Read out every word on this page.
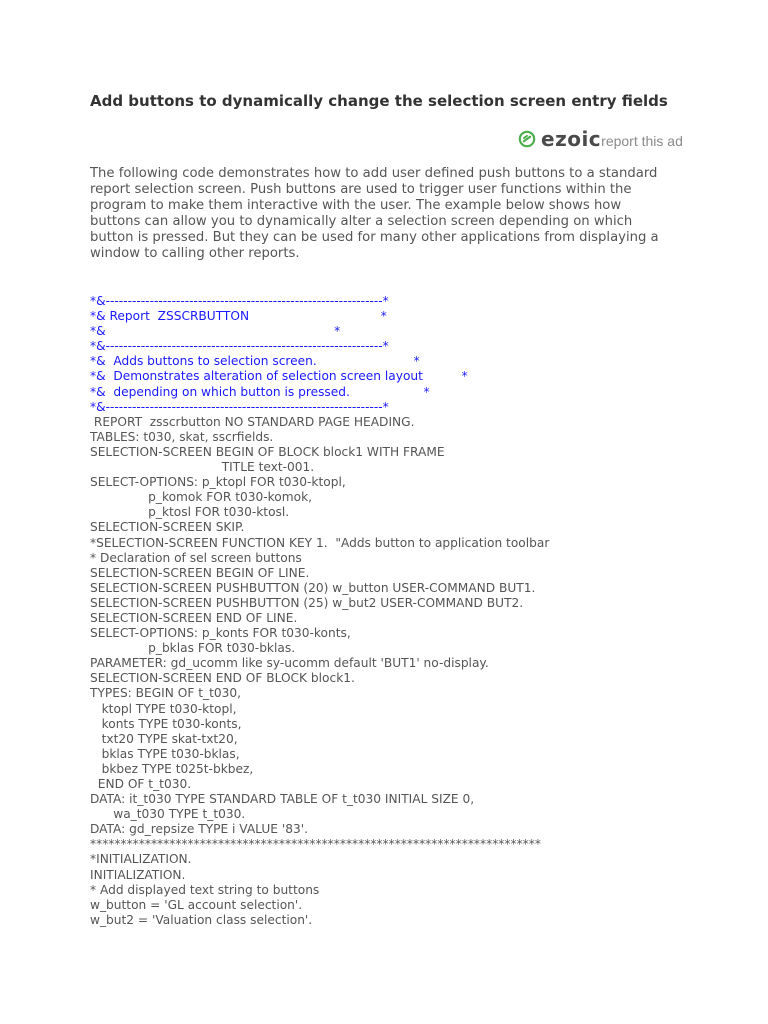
Add buttons to dynamically change the selection screen entry fields
ezoic report this ad
The following code demonstrates how to add user defined push buttons to a standard
report selection screen. Push buttons are used to trigger user functions within the
program to make them interactive with the user. The example below shows how
buttons can allow you to dynamically alter a selection screen depending on which
button is pressed. But they can be used for many other applications from displaying a
window to calling other reports.
*&---------------------------------------------------------------*
*& Report  ZSSCRBUTTON                                  *
*&                                                           *
*&---------------------------------------------------------------*
*&  Adds buttons to selection screen.                         *
*&  Demonstrates alteration of selection screen layout          *
*&  depending on which button is pressed.                   *
*&---------------------------------------------------------------*
REPORT  zsscrbutton NO STANDARD PAGE HEADING.
TABLES: t030, skat, sscrfields.
SELECTION-SCREEN BEGIN OF BLOCK block1 WITH FRAME
TITLE text-001.
SELECT-OPTIONS: p_ktopl FOR t030-ktopl,
p_komok FOR t030-komok,
p_ktosl FOR t030-ktosl.
SELECTION-SCREEN SKIP.
*SELECTION-SCREEN FUNCTION KEY 1.  "Adds button to application toolbar
* Declaration of sel screen buttons
SELECTION-SCREEN BEGIN OF LINE.
SELECTION-SCREEN PUSHBUTTON (20) w_button USER-COMMAND BUT1.
SELECTION-SCREEN PUSHBUTTON (25) w_but2 USER-COMMAND BUT2.
SELECTION-SCREEN END OF LINE.
SELECT-OPTIONS: p_konts FOR t030-konts,
p_bklas FOR t030-bklas.
PARAMETER: gd_ucomm like sy-ucomm default 'BUT1' no-display.
SELECTION-SCREEN END OF BLOCK block1.
TYPES: BEGIN OF t_t030,
ktopl TYPE t030-ktopl,
konts TYPE t030-konts,
txt20 TYPE skat-txt20,
bklas TYPE t030-bklas,
bkbez TYPE t025t-bkbez,
END OF t_t030.
DATA: it_t030 TYPE STANDARD TABLE OF t_t030 INITIAL SIZE 0,
wa_t030 TYPE t_t030.
DATA: gd_repsize TYPE i VALUE '83'.
**************************************************************************
*INITIALIZATION.
INITIALIZATION.
* Add displayed text string to buttons
w_button = 'GL account selection'.
w_but2 = 'Valuation class selection'.
